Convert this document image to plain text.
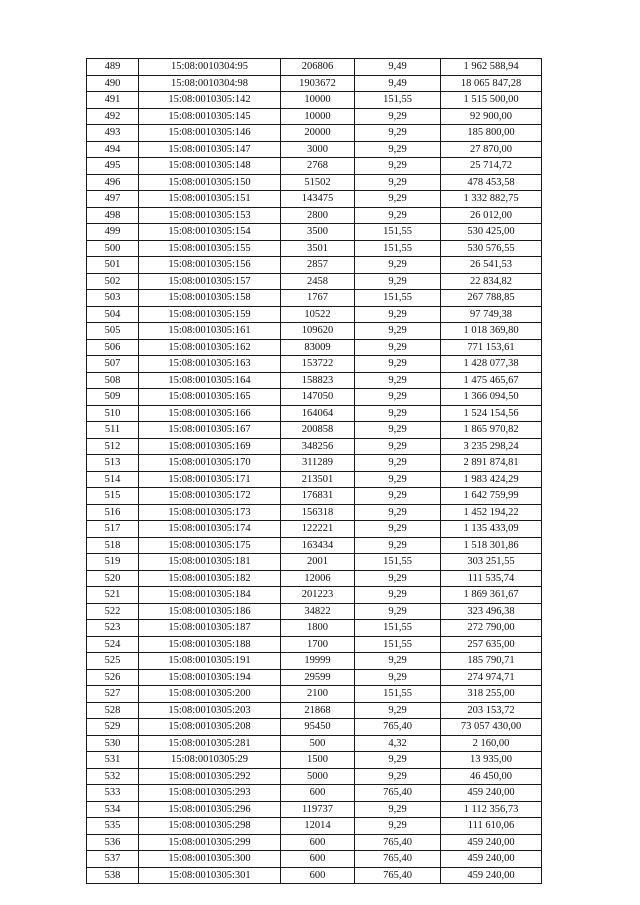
489	15:08:0010304:95	206806	9,49	1 962 588,94
490	15:08:0010304:98	1903672	9,49	18 065 847,28
491	15:08:0010305:142	10000	151,55	1 515 500,00
492	15:08:0010305:145	10000	9,29	92 900,00
493	15:08:0010305:146	20000	9,29	185 800,00
494	15:08:0010305:147	3000	9,29	27 870,00
495	15:08:0010305:148	2768	9,29	25 714,72
496	15:08:0010305:150	51502	9,29	478 453,58
497	15:08:0010305:151	143475	9,29	1 332 882,75
498	15:08:0010305:153	2800	9,29	26 012,00
499	15:08:0010305:154	3500	151,55	530 425,00
500	15:08:0010305:155	3501	151,55	530 576,55
501	15:08:0010305:156	2857	9,29	26 541,53
502	15:08:0010305:157	2458	9,29	22 834,82
503	15:08:0010305:158	1767	151,55	267 788,85
504	15:08:0010305:159	10522	9,29	97 749,38
505	15:08:0010305:161	109620	9,29	1 018 369,80
506	15:08:0010305:162	83009	9,29	771 153,61
507	15:08:0010305:163	153722	9,29	1 428 077,38
508	15:08:0010305:164	158823	9,29	1 475 465,67
509	15:08:0010305:165	147050	9,29	1 366 094,50
510	15:08:0010305:166	164064	9,29	1 524 154,56
511	15:08:0010305:167	200858	9,29	1 865 970,82
512	15:08:0010305:169	348256	9,29	3 235 298,24
513	15:08:0010305:170	311289	9,29	2 891 874,81
514	15:08:0010305:171	213501	9,29	1 983 424,29
515	15:08:0010305:172	176831	9,29	1 642 759,99
516	15:08:0010305:173	156318	9,29	1 452 194,22
517	15:08:0010305:174	122221	9,29	1 135 433,09
518	15:08:0010305:175	163434	9,29	1 518 301,86
519	15:08:0010305:181	2001	151,55	303 251,55
520	15:08:0010305:182	12006	9,29	111 535,74
521	15:08:0010305:184	201223	9,29	1 869 361,67
522	15:08:0010305:186	34822	9,29	323 496,38
523	15:08:0010305:187	1800	151,55	272 790,00
524	15:08:0010305:188	1700	151,55	257 635,00
525	15:08:0010305:191	19999	9,29	185 790,71
526	15:08:0010305:194	29599	9,29	274 974,71
527	15:08:0010305:200	2100	151,55	318 255,00
528	15:08:0010305:203	21868	9,29	203 153,72
529	15:08:0010305:208	95450	765,40	73 057 430,00
530	15:08:0010305:281	500	4,32	2 160,00
531	15:08:0010305:29	1500	9,29	13 935,00
532	15:08:0010305:292	5000	9,29	46 450,00
533	15:08:0010305:293	600	765,40	459 240,00
534	15:08:0010305:296	119737	9,29	1 112 356,73
535	15:08:0010305:298	12014	9,29	111 610,06
536	15:08:0010305:299	600	765,40	459 240,00
537	15:08:0010305:300	600	765,40	459 240,00
538	15:08:0010305:301	600	765,40	459 240,00
